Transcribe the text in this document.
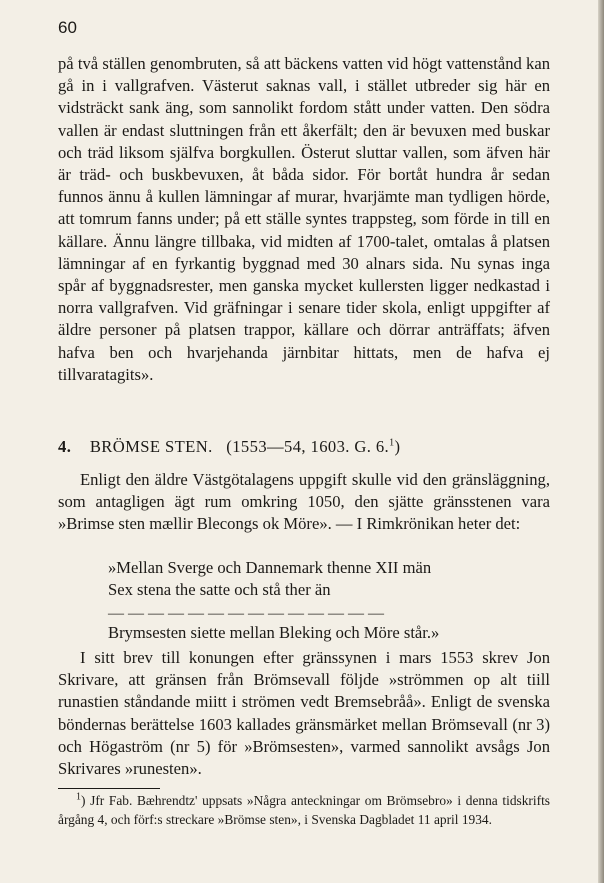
60

på två ställen genombruten, så att bäckens vatten vid högt vattenstånd kan gå in i vallgrafven. Västerut saknas vall, i stället utbreder sig här en vidsträckt sank äng, som sannolikt fordom stått under vatten. Den södra vallen är endast sluttningen från ett åkerfält; den är bevuxen med buskar och träd liksom själfva borgkullen. Österut sluttar vallen, som äfven här är träd- och buskbevuxen, åt båda sidor. För bortåt hundra år sedan funnos ännu å kullen lämningar af murar, hvarjämte man tydligen hörde, att tomrum fanns under; på ett ställe syntes trappsteg, som förde in till en källare. Ännu längre tillbaka, vid midten af 1700-talet, omtalas å platsen lämningar af en fyrkantig byggnad med 30 alnars sida. Nu synas inga spår af byggnadsrester, men ganska mycket kullersten ligger nedkastad i norra vallgrafven. Vid gräfningar i senare tider skola, enligt uppgifter af äldre personer på platsen trappor, källare och dörrar anträffats; äfven hafva ben och hvarjehanda järnbitar hittats, men de hafva ej tillvaratagits».

4. BRÖMSE STEN. (1553—54, 1603. G. 6.$^1$)

Enligt den äldre Västgötalagens uppgift skulle vid den gränsläggning, som antagligen ägt rum omkring 1050, den sjätte gränsstenen vara »Brimse sten mællir Blecongs ok Möre». — I Rimkrönikan heter det:

»Mellan Sverge och Dannemark thenne XII män
Sex stena the satte och stå ther än
— — — — — — — — — — — — — —
Brymsesten siette mellan Bleking och Möre står.»

I sitt brev till konungen efter gränssynen i mars 1553 skrev Jon Skrivare, att gränsen från Brömsevall följde »strömmen op alt tiill runastien ståndande miitt i strömen vedt Bremsebråå». Enligt de svenska böndernas berättelse 1603 kallades gränsmärket mellan Brömsevall (nr 3) och Högaström (nr 5) för »Brömsesten», varmed sannolikt avsågs Jon Skrivares »runesten».

$^1$) Jfr Fab. Bæhrendtz' uppsats »Några anteckningar om Brömsebro» i denna tidskrifts årgång 4, och förf:s streckare »Brömse sten», i Svenska Dagbladet 11 april 1934.
